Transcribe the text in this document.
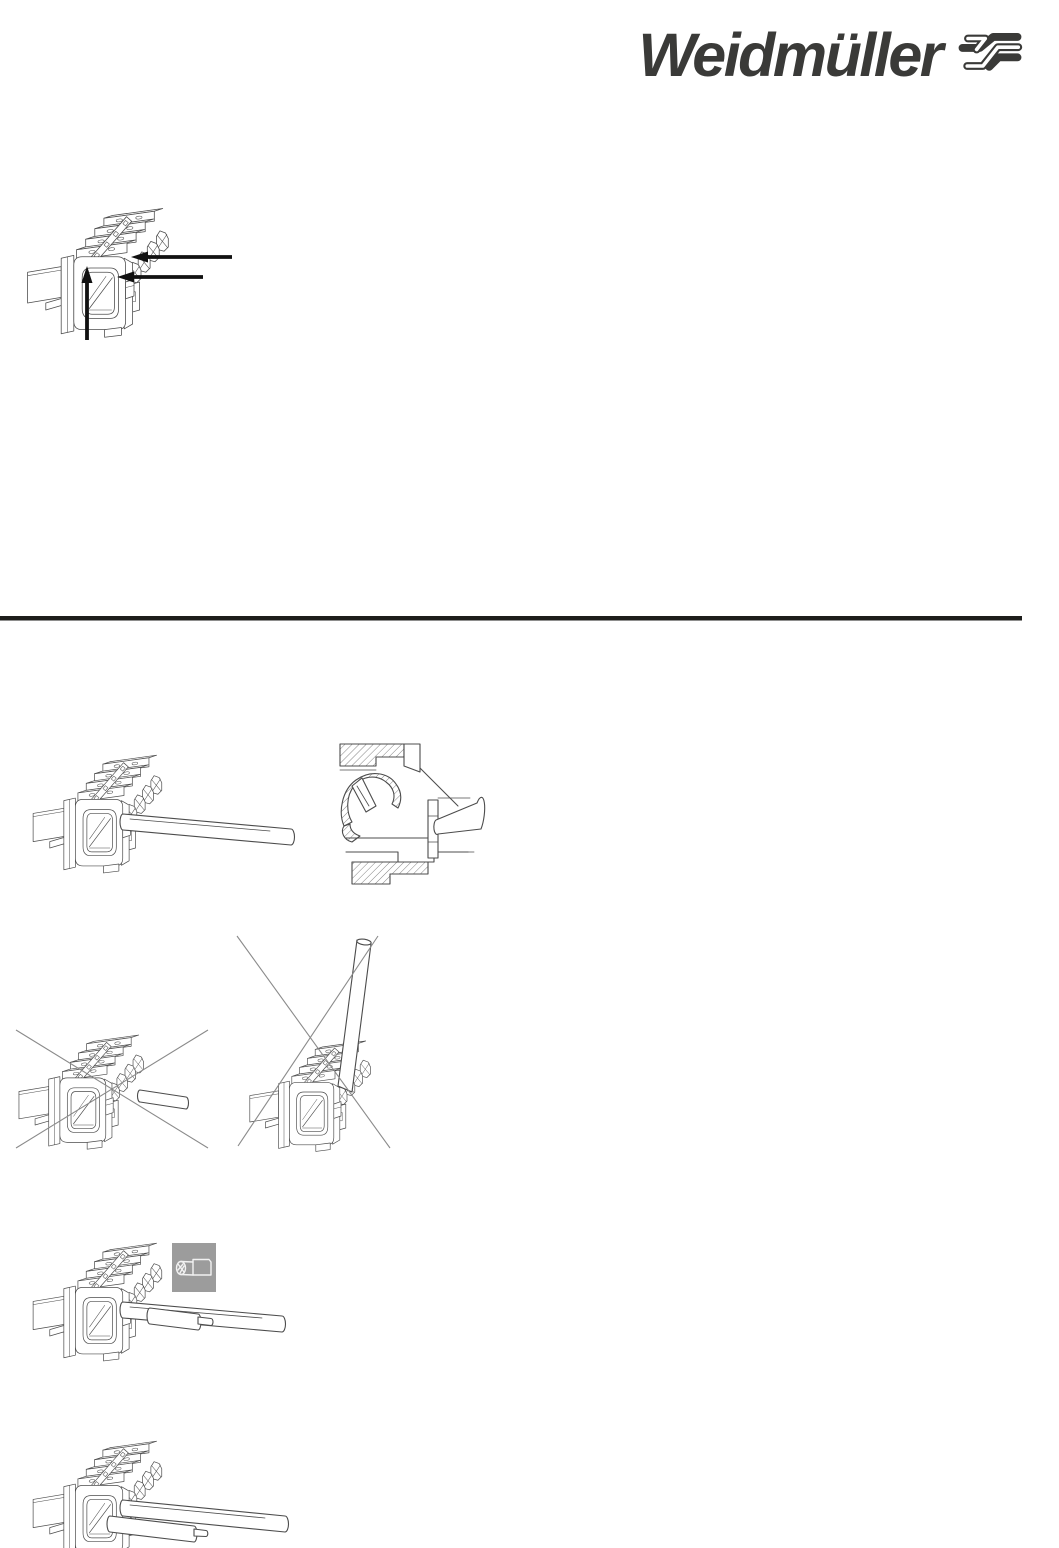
Weidmüller
